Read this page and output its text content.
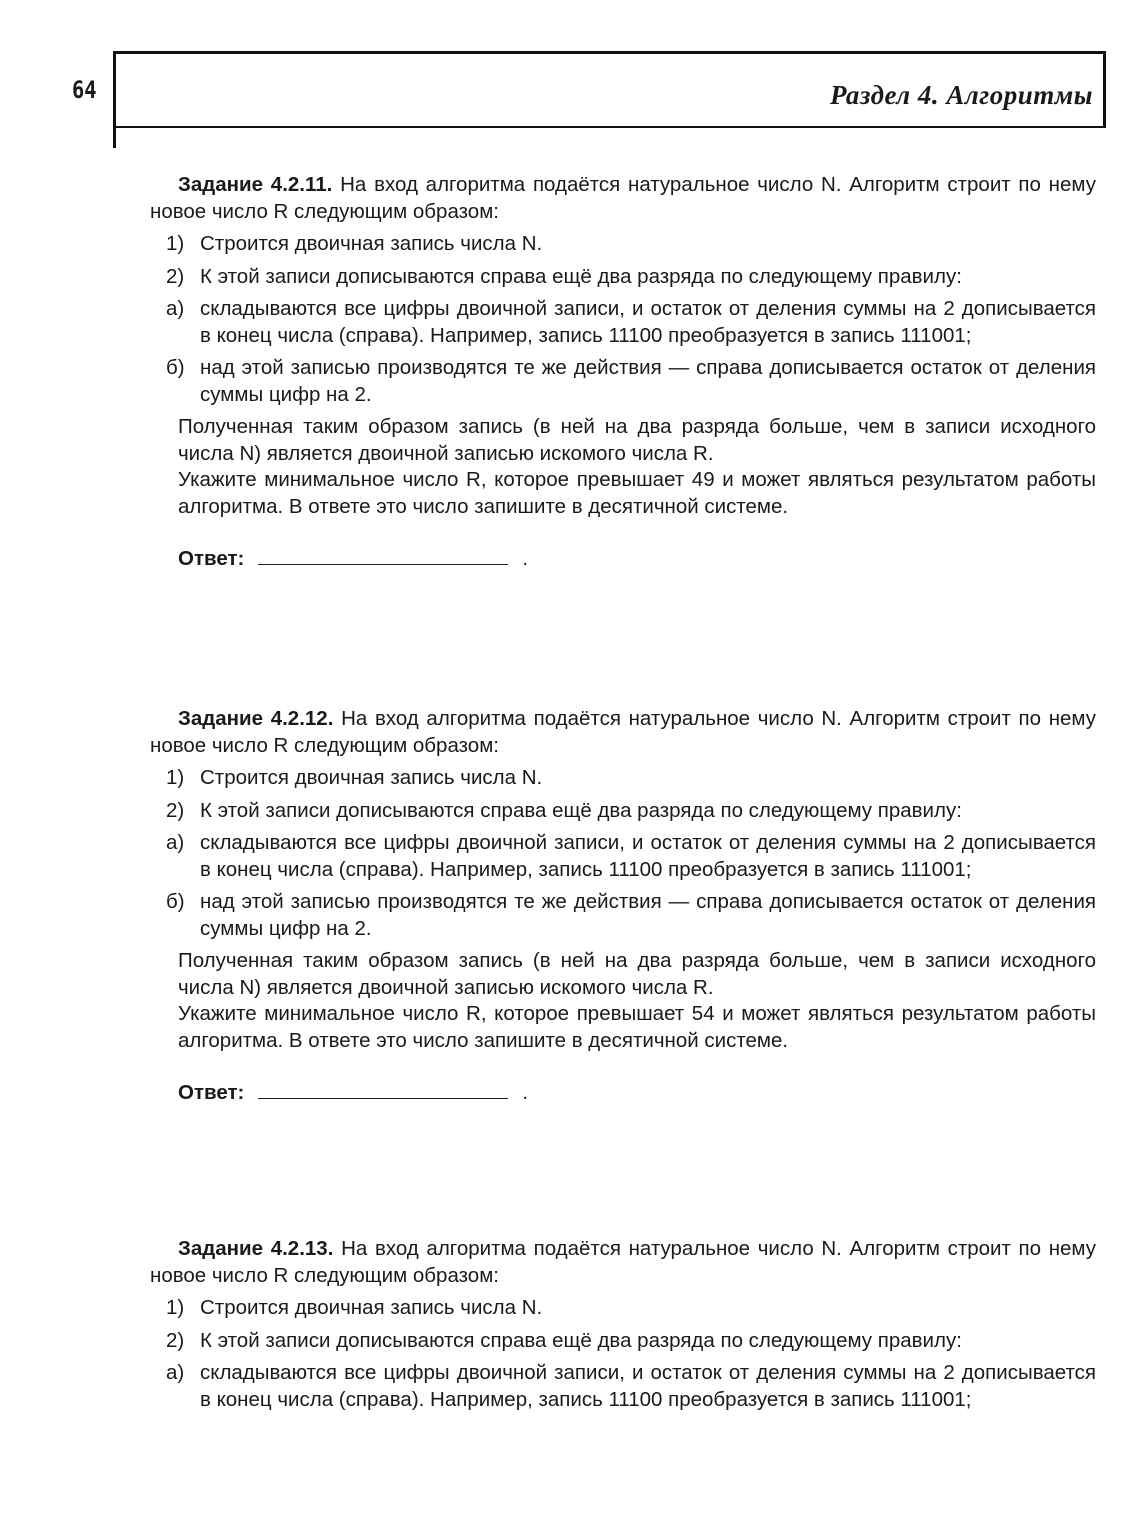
64	Раздел 4. Алгоритмы

Задание 4.2.11. На вход алгоритма подаётся натуральное число N. Алгоритм строит по нему новое число R следующим образом:

1) Строится двоичная запись числа N.
2) К этой записи дописываются справа ещё два разряда по следующему правилу:
а) складываются все цифры двоичной записи, и остаток от деления суммы на 2 дописывается в конец числа (справа). Например, запись 11100 преобразуется в запись 111001;
б) над этой записью производятся те же действия — справа дописывается остаток от деления суммы цифр на 2.

Полученная таким образом запись (в ней на два разряда больше, чем в записи исходного числа N) является двоичной записью искомого числа R.

Укажите минимальное число R, которое превышает 49 и может являться результатом работы алгоритма. В ответе это число запишите в десятичной системе.

Ответ:	.

Задание 4.2.12. На вход алгоритма подаётся натуральное число N. Алгоритм строит по нему новое число R следующим образом:

1) Строится двоичная запись числа N.
2) К этой записи дописываются справа ещё два разряда по следующему правилу:
а) складываются все цифры двоичной записи, и остаток от деления суммы на 2 дописывается в конец числа (справа). Например, запись 11100 преобразуется в запись 111001;
б) над этой записью производятся те же действия — справа дописывается остаток от деления суммы цифр на 2.

Полученная таким образом запись (в ней на два разряда больше, чем в записи исходного числа N) является двоичной записью искомого числа R.

Укажите минимальное число R, которое превышает 54 и может являться результатом работы алгоритма. В ответе это число запишите в десятичной системе.

Ответ:	.

Задание 4.2.13. На вход алгоритма подаётся натуральное число N. Алгоритм строит по нему новое число R следующим образом:

1) Строится двоичная запись числа N.
2) К этой записи дописываются справа ещё два разряда по следующему правилу:
а) складываются все цифры двоичной записи, и остаток от деления суммы на 2 дописывается в конец числа (справа). Например, запись 11100 преобразуется в запись 111001;
